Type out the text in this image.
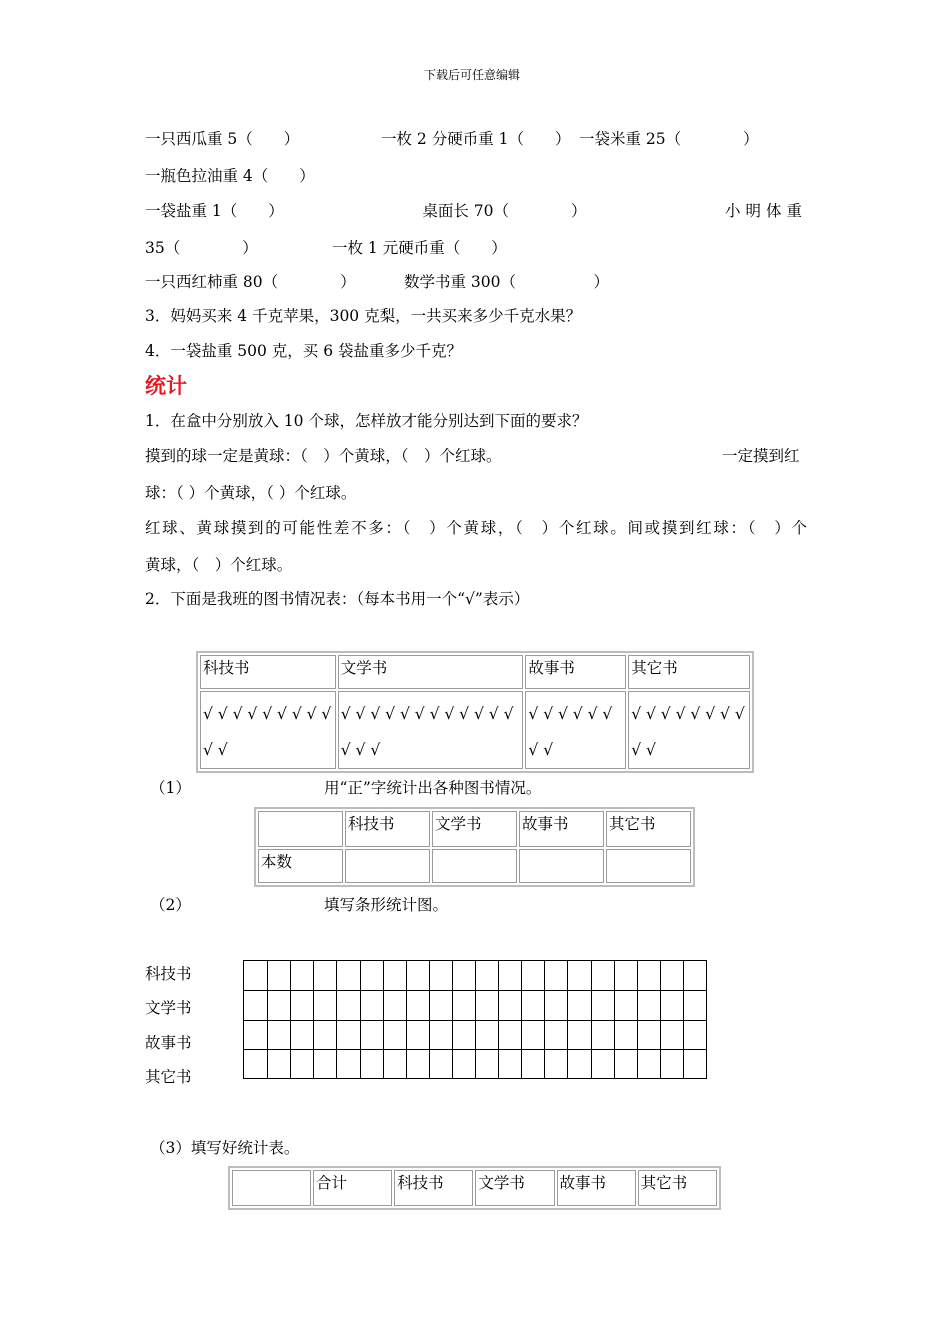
下载后可任意编辑
一只西瓜重 5（　　）	一枚 2 分硬币重 1（　　） 一袋米重 25（　　　　）
一瓶色拉油重 4（　　）
一袋盐重 1（　　）	桌面长 70（　　　　）	小明体重
35（　　　　）	一枚 1 元硬币重（　　）
一只西红柿重 80（　　　　）	数学书重 300（　　　　　）
3．妈妈买来 4 千克苹果，300 克梨，一共买来多少千克水果？
4．一袋盐重 500 克，买 6 袋盐重多少千克？
统计
1．在盒中分别放入 10 个球，怎样放才能分别达到下面的要求？
摸到的球一定是黄球：（　）个黄球，（　）个红球。	一定摸到红
球：（ ）个黄球，（ ）个红球。
红球、黄球摸到的可能性差不多：（　）个黄球，（　）个红球。间或摸到红球：（　）个
黄球，（　）个红球。
2．下面是我班的图书情况表：（每本书用一个“√”表示）
科技书	文学书	故事书	其它书
√ √ √ √ √ √ √ √ √ √ √	√ √ √ √ √ √ √ √ √ √ √ √ √ √ √	√ √ √ √ √ √ √ √	√ √ √ √ √ √ √ √ √ √
（1）	用“正”字统计出各种图书情况。
	科技书	文学书	故事书	其它书
本数				
（2）	填写条形统计图。
科技书
文学书
故事书
其它书
（3）填写好统计表。
	合计	科技书	文学书	故事书	其它书
